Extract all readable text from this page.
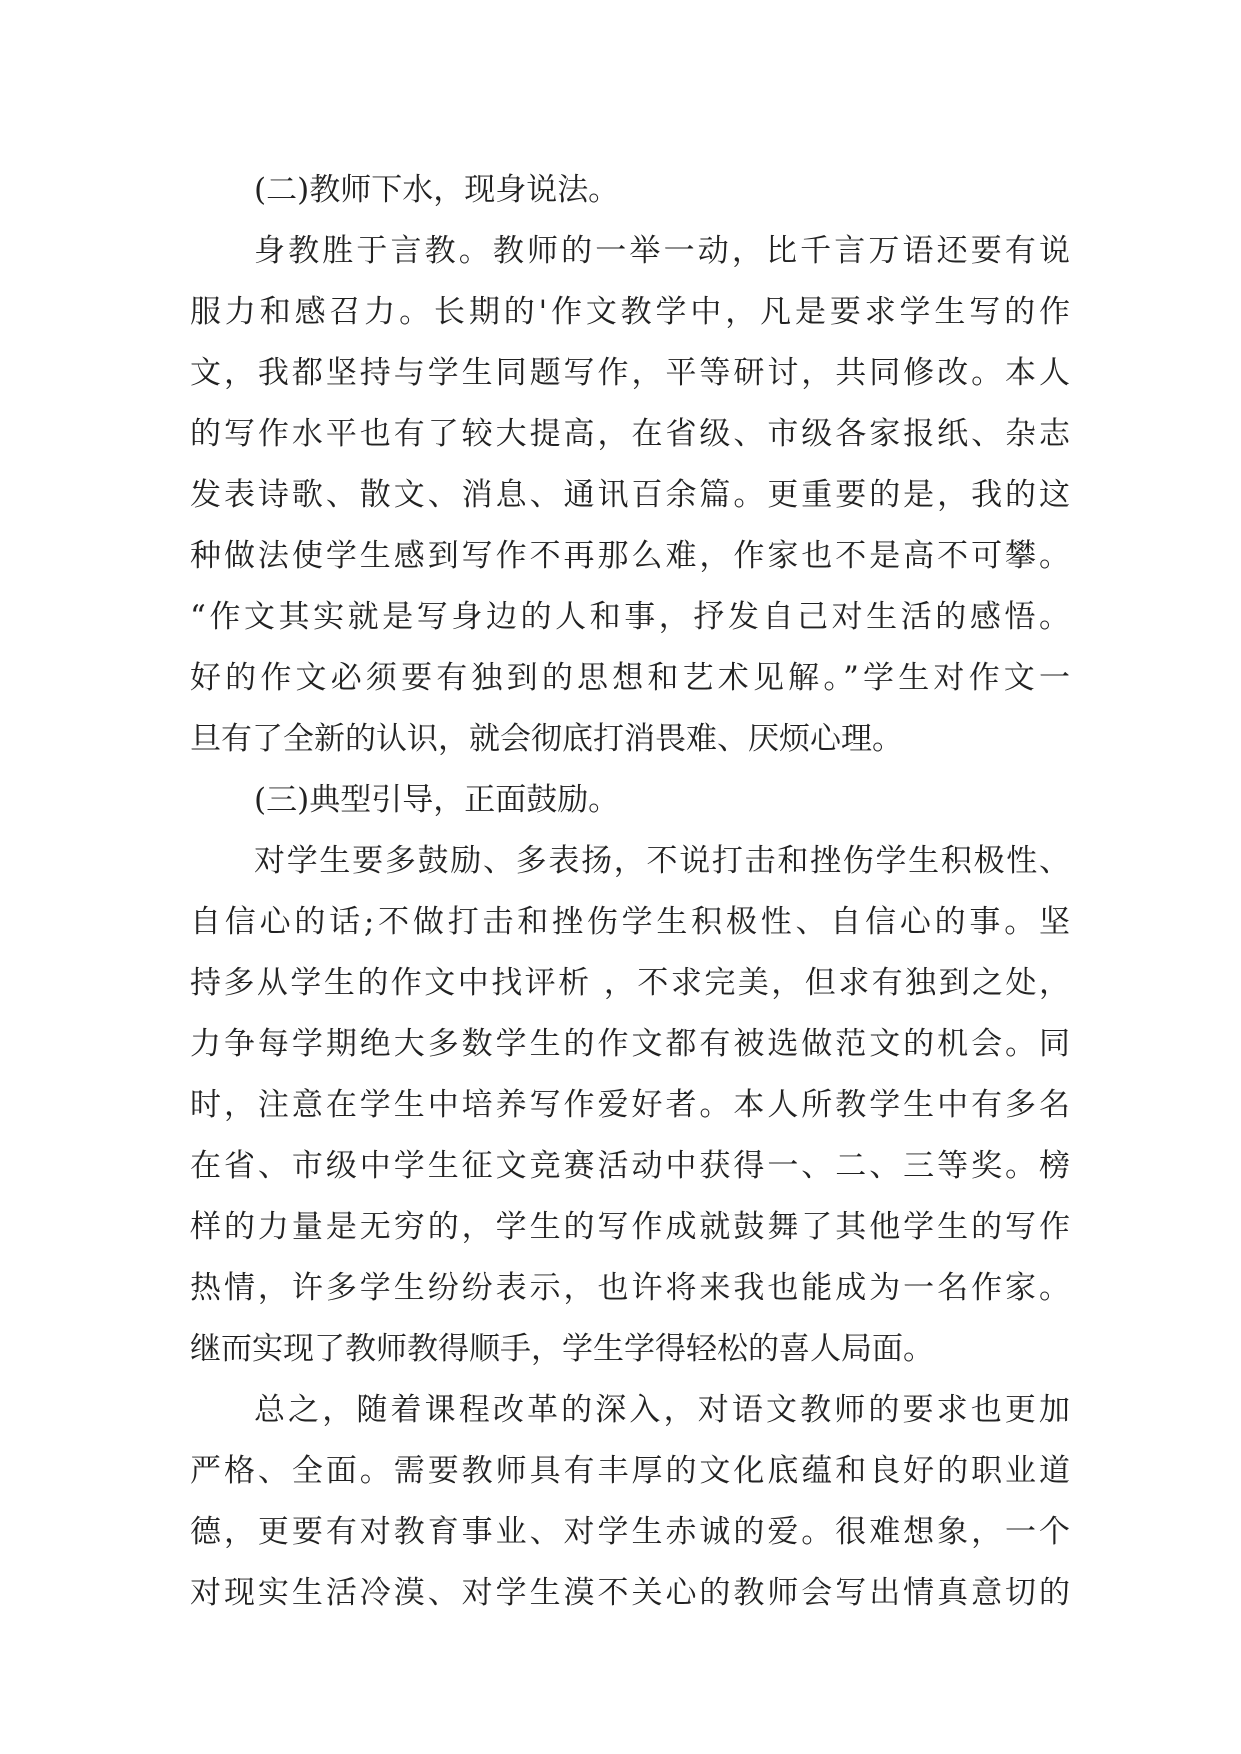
(二)教师下水，现身说法。
身教胜于言教。教师的一举一动，比千言万语还要有说
服力和感召力。长期的'作文教学中，凡是要求学生写的作
文，我都坚持与学生同题写作，平等研讨，共同修改。本人
的写作水平也有了较大提高，在省级、市级各家报纸、杂志
发表诗歌、散文、消息、通讯百余篇。更重要的是，我的这
种做法使学生感到写作不再那么难，作家也不是高不可攀。
“作文其实就是写身边的人和事，抒发自己对生活的感悟。
好的作文必须要有独到的思想和艺术见解。”学生对作文一
旦有了全新的认识，就会彻底打消畏难、厌烦心理。
(三)典型引导，正面鼓励。
对学生要多鼓励、多表扬，不说打击和挫伤学生积极性、
自信心的话;不做打击和挫伤学生积极性、自信心的事。坚
持多从学生的作文中找评析 ，不求完美，但求有独到之处，
力争每学期绝大多数学生的作文都有被选做范文的机会。同
时，注意在学生中培养写作爱好者。本人所教学生中有多名
在省、市级中学生征文竞赛活动中获得一、二、三等奖。榜
样的力量是无穷的，学生的写作成就鼓舞了其他学生的写作
热情，许多学生纷纷表示，也许将来我也能成为一名作家。
继而实现了教师教得顺手，学生学得轻松的喜人局面。
总之，随着课程改革的深入，对语文教师的要求也更加
严格、全面。需要教师具有丰厚的文化底蕴和良好的职业道
德，更要有对教育事业、对学生赤诚的爱。很难想象，一个
对现实生活冷漠、对学生漠不关心的教师会写出情真意切的
